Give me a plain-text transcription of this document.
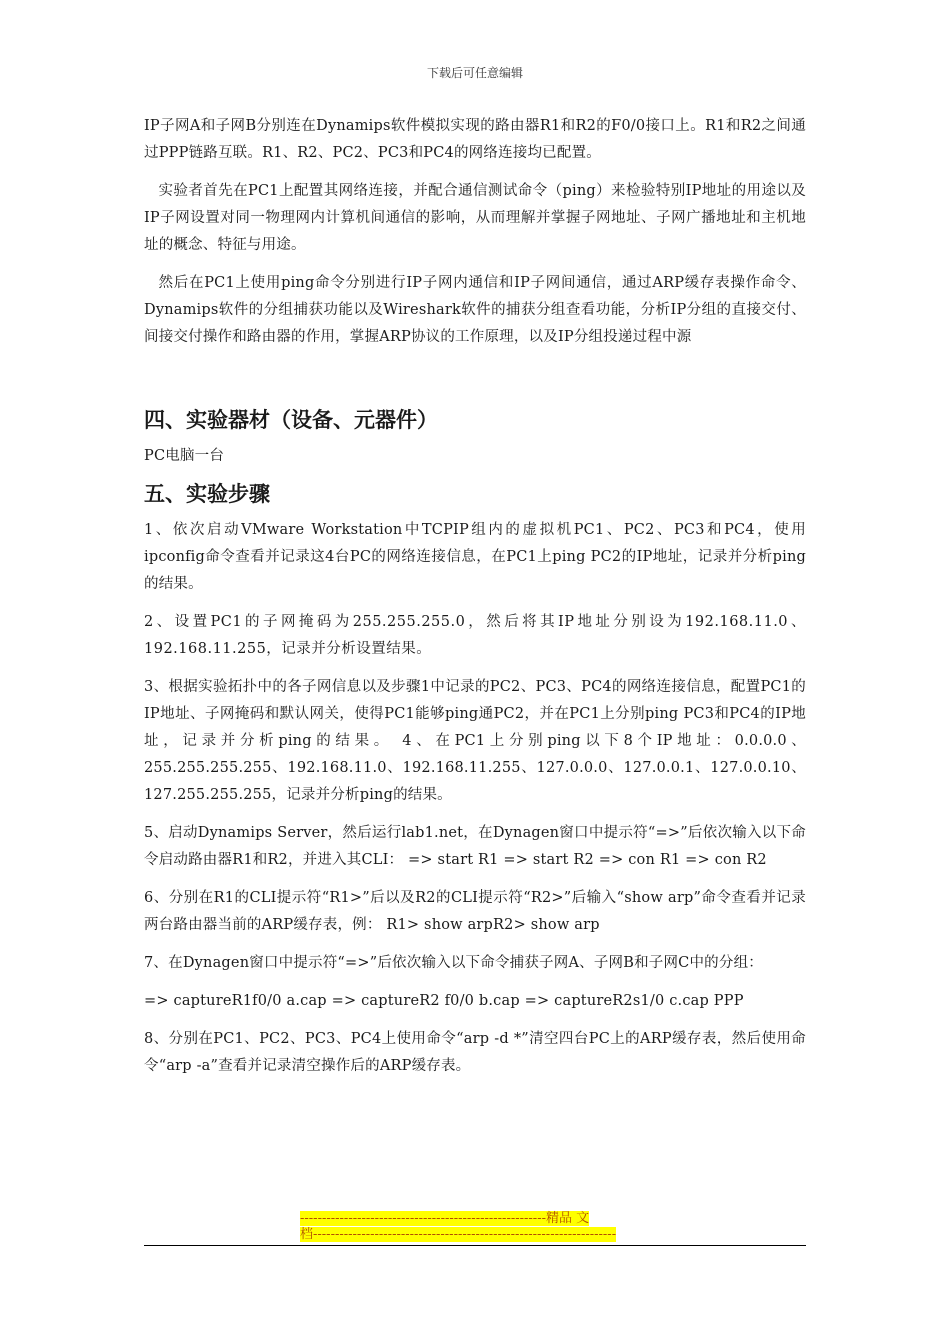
下载后可任意编辑

IP子网A和子网B分别连在Dynamips软件模拟实现的路由器R1和R2的F0/0接口上。R1和R2之间通过PPP链路互联。R1、R2、PC2、PC3和PC4的网络连接均已配置。

实验者首先在PC1上配置其网络连接，并配合通信测试命令（ping）来检验特别IP地址的用途以及IP子网设置对同一物理网内计算机间通信的影响，从而理解并掌握子网地址、子网广播地址和主机地址的概念、特征与用途。

然后在PC1上使用ping命令分别进行IP子网内通信和IP子网间通信，通过ARP缓存表操作命令、Dynamips软件的分组捕获功能以及Wireshark软件的捕获分组查看功能，分析IP分组的直接交付、间接交付操作和路由器的作用，掌握ARP协议的工作原理，以及IP分组投递过程中源

四、实验器材（设备、元器件）

PC电脑一台

五、实验步骤

1、依次启动VMware Workstation中TCPIP组内的虚拟机PC1、PC2、PC3和PC4，使用ipconfig命令查看并记录这4台PC的网络连接信息，在PC1上ping PC2的IP地址，记录并分析ping的结果。

2、设置PC1的子网掩码为255.255.255.0，然后将其IP地址分别设为192.168.11.0、192.168.11.255，记录并分析设置结果。

3、根据实验拓扑中的各子网信息以及步骤1中记录的PC2、PC3、PC4的网络连接信息，配置PC1的IP地址、子网掩码和默认网关，使得PC1能够ping通PC2，并在PC1上分别ping PC3和PC4的IP地址，记录并分析ping的结果。 4、在PC1上分别ping以下8个IP地址：0.0.0.0、255.255.255.255、192.168.11.0、192.168.11.255、127.0.0.0、127.0.0.1、127.0.0.10、127.255.255.255，记录并分析ping的结果。

5、启动Dynamips Server，然后运行lab1.net，在Dynagen窗口中提示符“=>”后依次输入以下命令启动路由器R1和R2，并进入其CLI： => start R1 => start R2 => con R1 => con R2

6、分别在R1的CLI提示符“R1>”后以及R2的CLI提示符“R2>”后输入“show arp”命令查看并记录两台路由器当前的ARP缓存表，例： R1> show arpR2> show arp

7、在Dynagen窗口中提示符“=>”后依次输入以下命令捕获子网A、子网B和子网C中的分组：

=> captureR1f0/0 a.cap => captureR2 f0/0 b.cap => captureR2s1/0 c.cap PPP

8、分别在PC1、PC2、PC3、PC4上使用命令“arp -d *”清空四台PC上的ARP缓存表，然后使用命令“arp -a”查看并记录清空操作后的ARP缓存表。

--------------------------------------------------------精品 文
档---------------------------------------------------------------------
